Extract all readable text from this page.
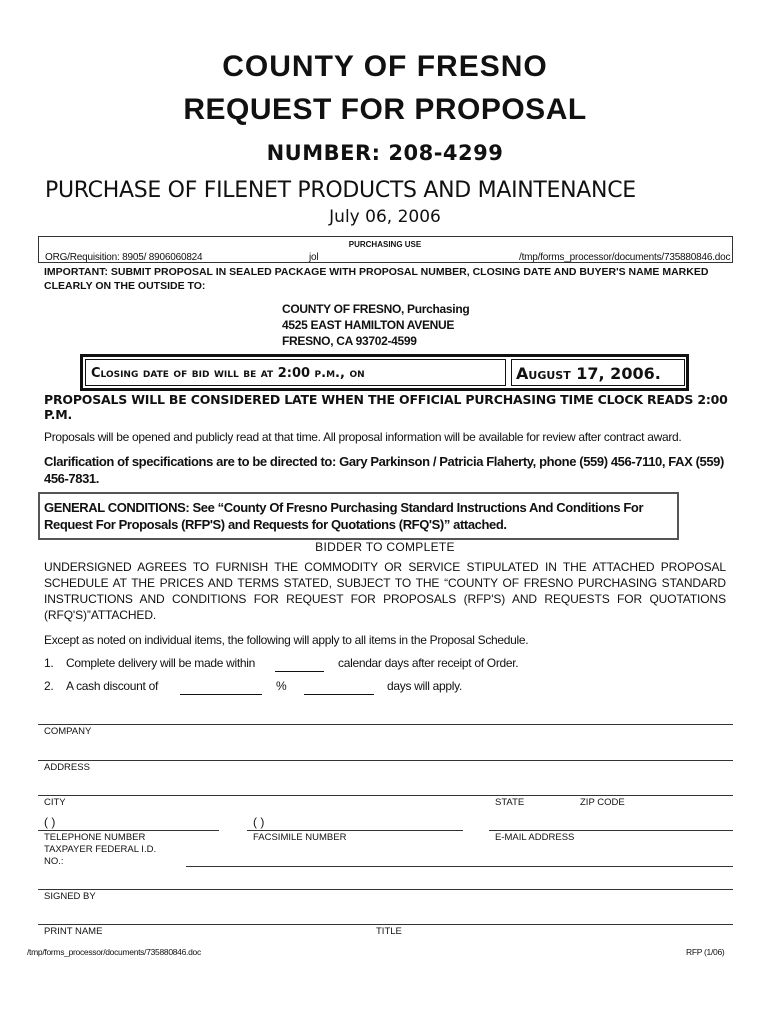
COUNTY OF FRESNO
REQUEST FOR PROPOSAL
NUMBER: 208-4299
PURCHASE OF FILENET PRODUCTS AND MAINTENANCE
July 06, 2006
PURCHASING USE
ORG/Requisition: 8905/ 8906060824	jol	/tmp/forms_processor/documents/735880846.doc
IMPORTANT: SUBMIT PROPOSAL IN SEALED PACKAGE WITH PROPOSAL NUMBER, CLOSING DATE AND BUYER'S NAME MARKED CLEARLY ON THE OUTSIDE TO:
COUNTY OF FRESNO, Purchasing
4525 EAST HAMILTON AVENUE
FRESNO, CA 93702-4599
Closing date of bid will be at 2:00 p.m., on	August 17, 2006.
PROPOSALS WILL BE CONSIDERED LATE WHEN THE OFFICIAL PURCHASING TIME CLOCK READS 2:00 P.M.
Proposals will be opened and publicly read at that time. All proposal information will be available for review after contract award.
Clarification of specifications are to be directed to: Gary Parkinson / Patricia Flaherty, phone (559) 456-7110, FAX (559) 456-7831.
GENERAL CONDITIONS: See “County Of Fresno Purchasing Standard Instructions And Conditions For Request For Proposals (RFP'S) and Requests for Quotations (RFQ'S)” attached.
BIDDER TO COMPLETE
UNDERSIGNED AGREES TO FURNISH THE COMMODITY OR SERVICE STIPULATED IN THE ATTACHED PROPOSAL SCHEDULE AT THE PRICES AND TERMS STATED, SUBJECT TO THE “COUNTY OF FRESNO PURCHASING STANDARD INSTRUCTIONS AND CONDITIONS FOR REQUEST FOR PROPOSALS (RFP'S) AND REQUESTS FOR QUOTATIONS (RFQ'S)”ATTACHED.
Except as noted on individual items, the following will apply to all items in the Proposal Schedule.
1. Complete delivery will be made within	calendar days after receipt of Order.
2. A cash discount of	%	days will apply.
COMPANY
ADDRESS
CITY	STATE	ZIP CODE
( )	( )
TELEPHONE NUMBER	FACSIMILE NUMBER	E-MAIL ADDRESS
TAXPAYER FEDERAL I.D. NO.:
SIGNED BY
PRINT NAME	TITLE
/tmp/forms_processor/documents/735880846.doc	RFP (1/06)
